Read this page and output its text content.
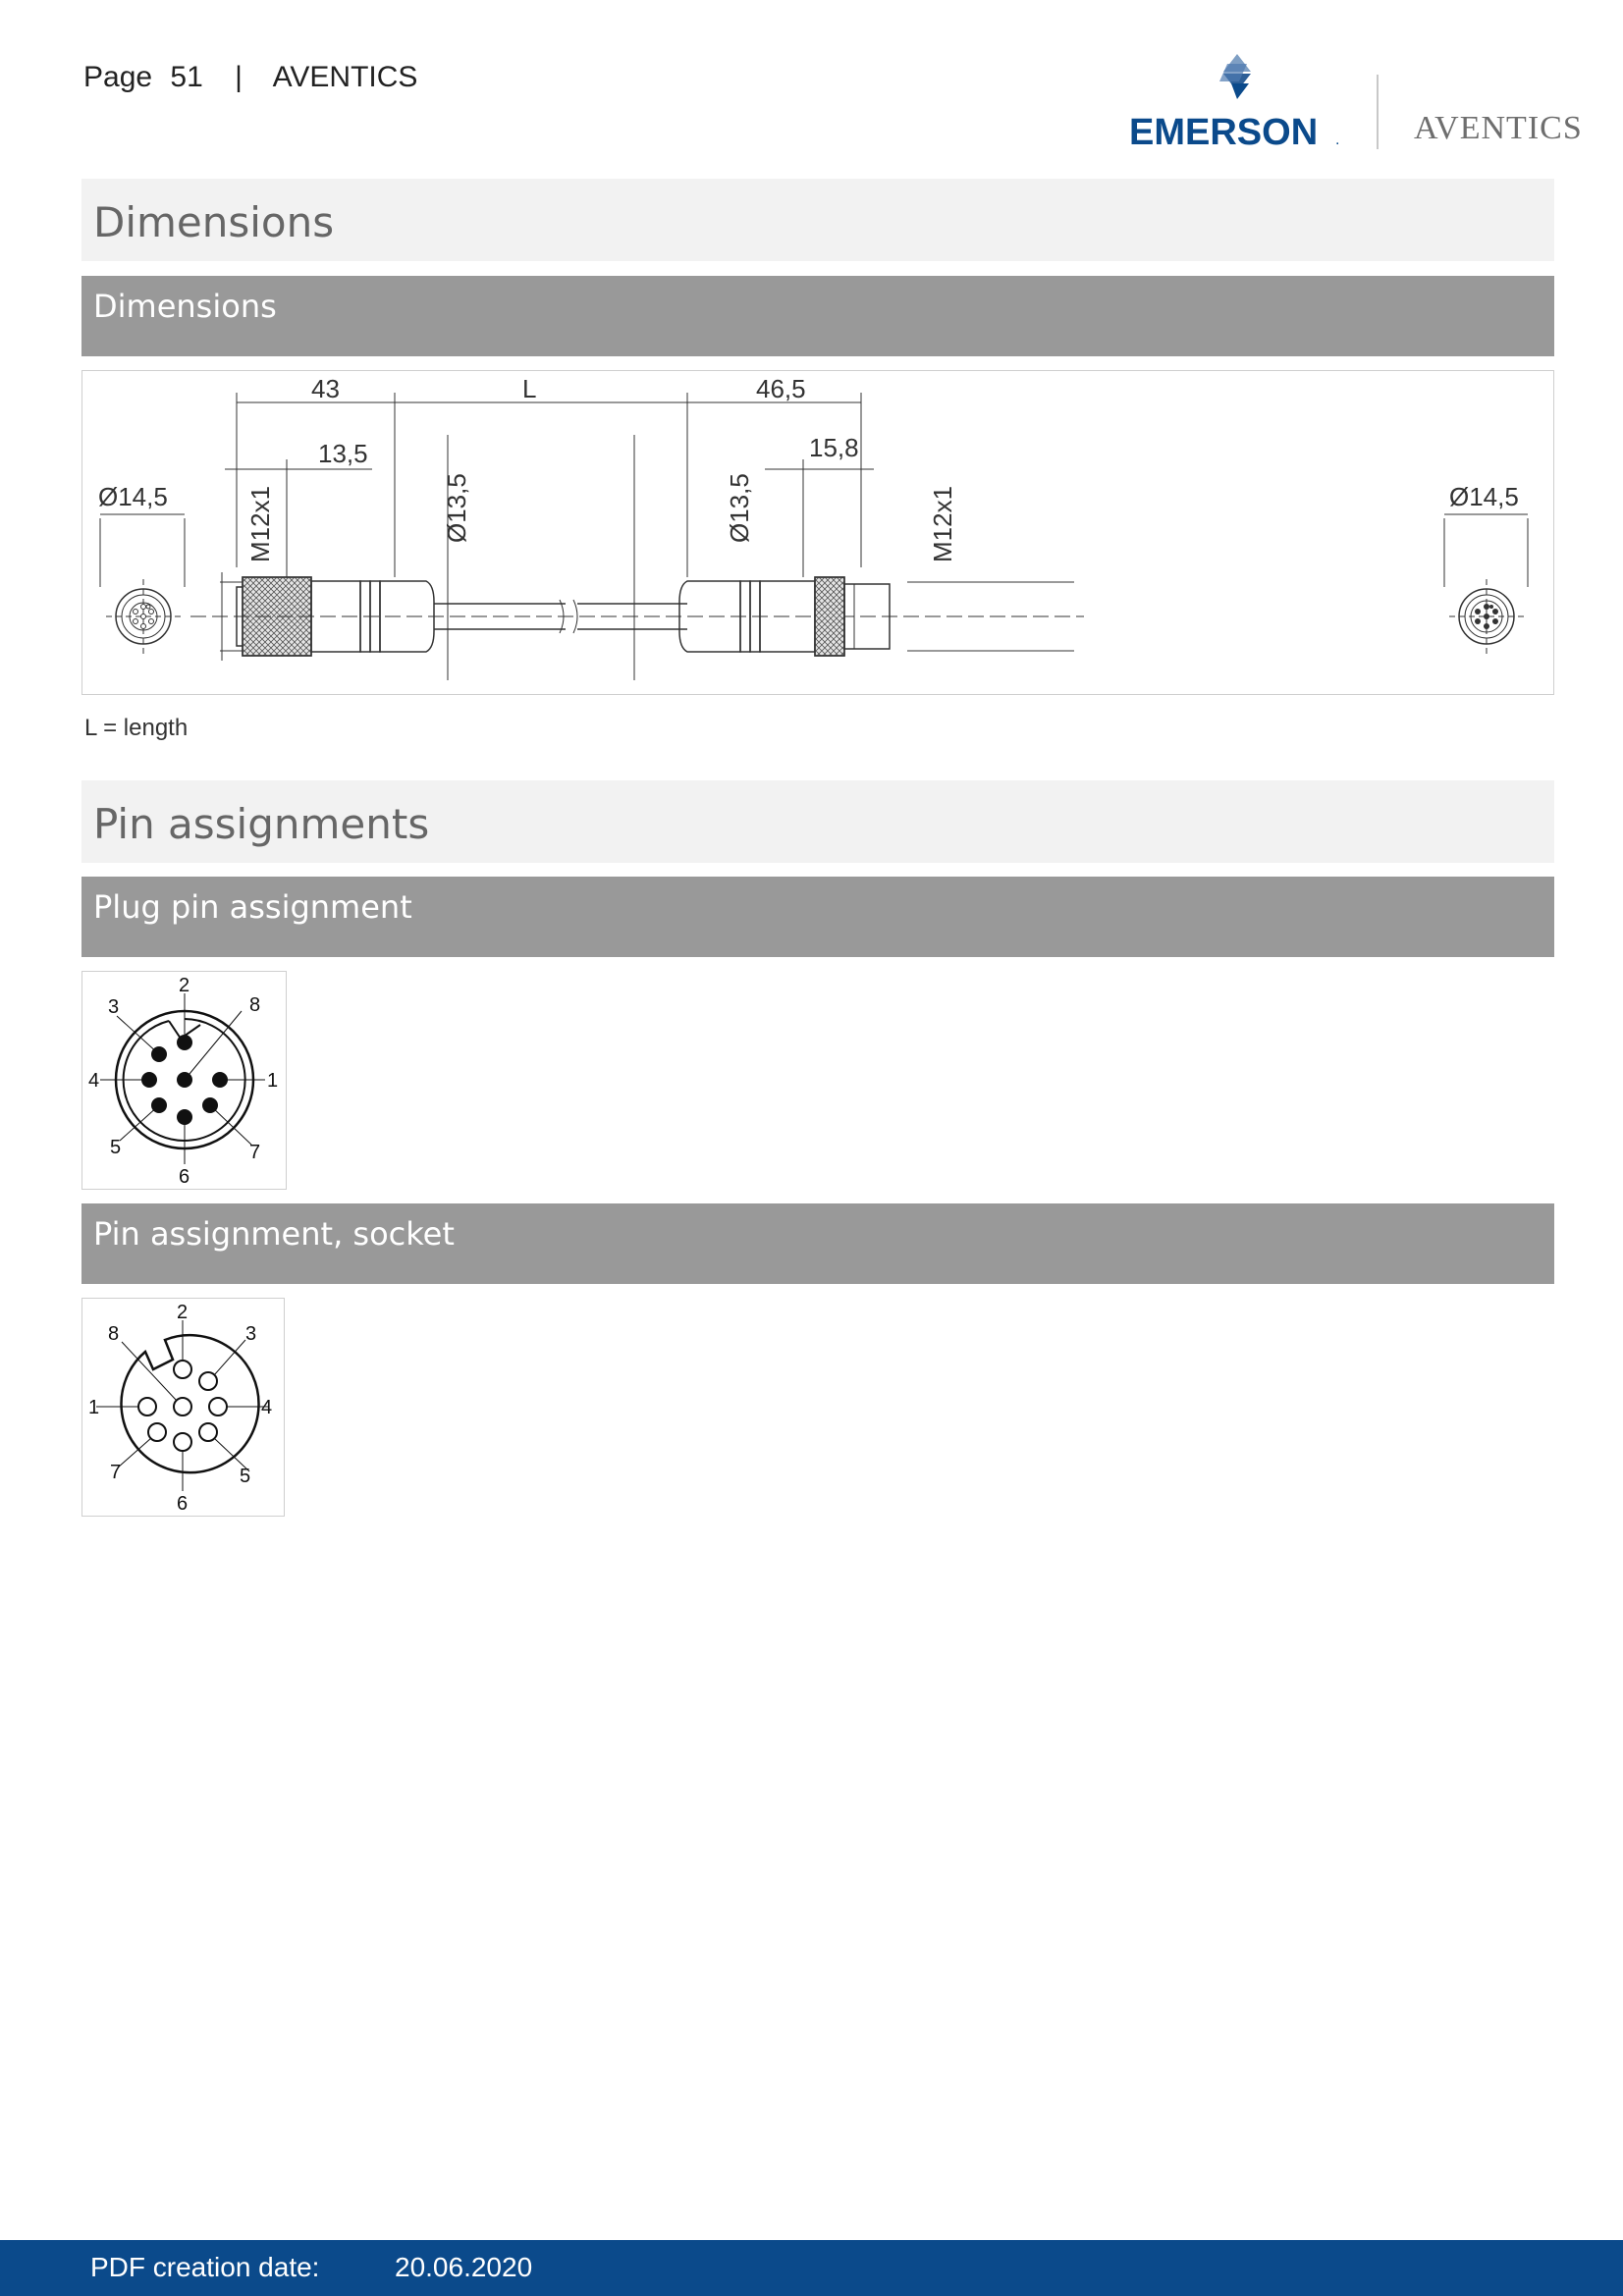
Page 51 | AVENTICS
EMERSON . AVENTICS
Dimensions
Dimensions
Ø14,5	M12x1
43	L	46,5
13,5	15,8
Ø13,5	Ø13,5	M12x1	Ø14,5
L = length
Pin assignments
Plug pin assignment
1
2
3
4
5
6
7
8
Pin assignment, socket
1
2
3
4
5
6
7
8
PDF creation date:	20.06.2020
